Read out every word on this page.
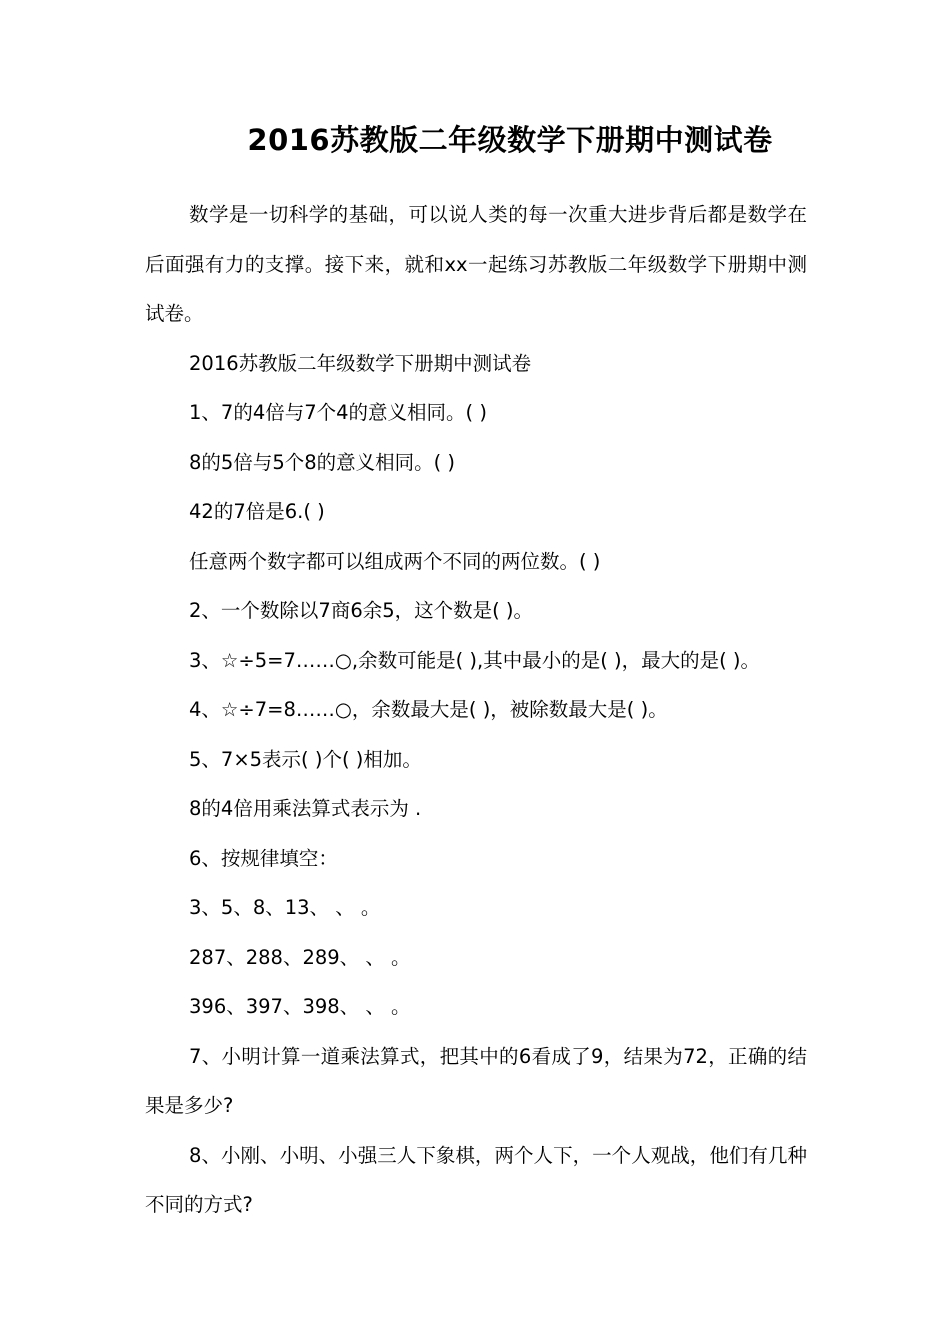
2016苏教版二年级数学下册期中测试卷

数学是一切科学的基础，可以说人类的每一次重大进步背后都是数学在后面强有力的支撑。接下来，就和xx一起练习苏教版二年级数学下册期中测试卷。

2016苏教版二年级数学下册期中测试卷

1、7的4倍与7个4的意义相同。( )

8的5倍与5个8的意义相同。( )

42的7倍是6.( )

任意两个数字都可以组成两个不同的两位数。( )

2、一个数除以7商6余5，这个数是( )。

3、☆÷5=7……○,余数可能是( ),其中最小的是( )，最大的是( )。

4、☆÷7=8……○，余数最大是( )，被除数最大是( )。

5、7×5表示( )个( )相加。

8的4倍用乘法算式表示为 .

6、按规律填空：

3、5、8、13、 、 。

287、288、289、 、 。

396、397、398、 、 。

7、小明计算一道乘法算式，把其中的6看成了9，结果为72，正确的结果是多少?

8、小刚、小明、小强三人下象棋，两个人下，一个人观战，他们有几种不同的方式?
